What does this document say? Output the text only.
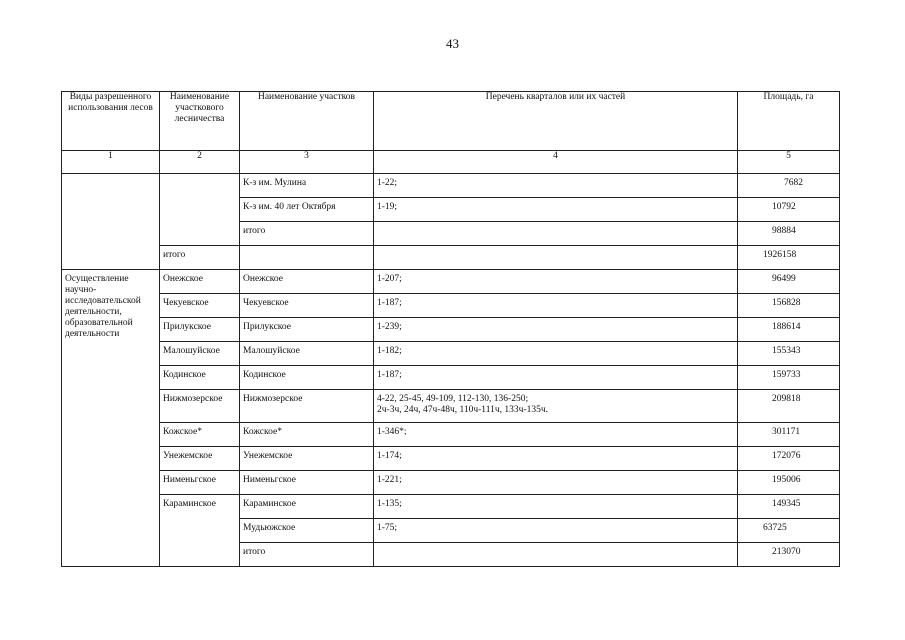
43
Виды разрешенного использования лесов	Наименование участкового лесничества	Наименование участков	Перечень кварталов или их частей	Площадь, га
1	2	3	4	5

		К-з им. Мулина	1-22;	7682

		К-з им. 40 лет Октября	1-19;	10792

		итого		98884

	итого			1926158

Осуществление научно-исследовательской деятельности, образовательной деятельности	Онежское	Онежское	1-207;	96499

	Чекуевское	Чекуевское	1-187;	156828

	Прилукское	Прилукское	1-239;	188614

	Малошуйское	Малошуйское	1-182;	155343

	Кодинское	Кодинское	1-187;	159733

	Нижмозерское	Нижмозерское	4-22, 25-45, 49-109, 112-130, 136-250;
2ч-3ч, 24ч, 47ч-48ч, 110ч-111ч, 133ч-135ч.	209818

	Кожское*	Кожское*	1-346*;	301171

	Унежемское	Унежемское	1-174;	172076

	Нименьгское	Нименьгское	1-221;	195006

	Караминское	Караминское	1-135;	149345

		Мудьюжское	1-75;	63725

		итого		213070
